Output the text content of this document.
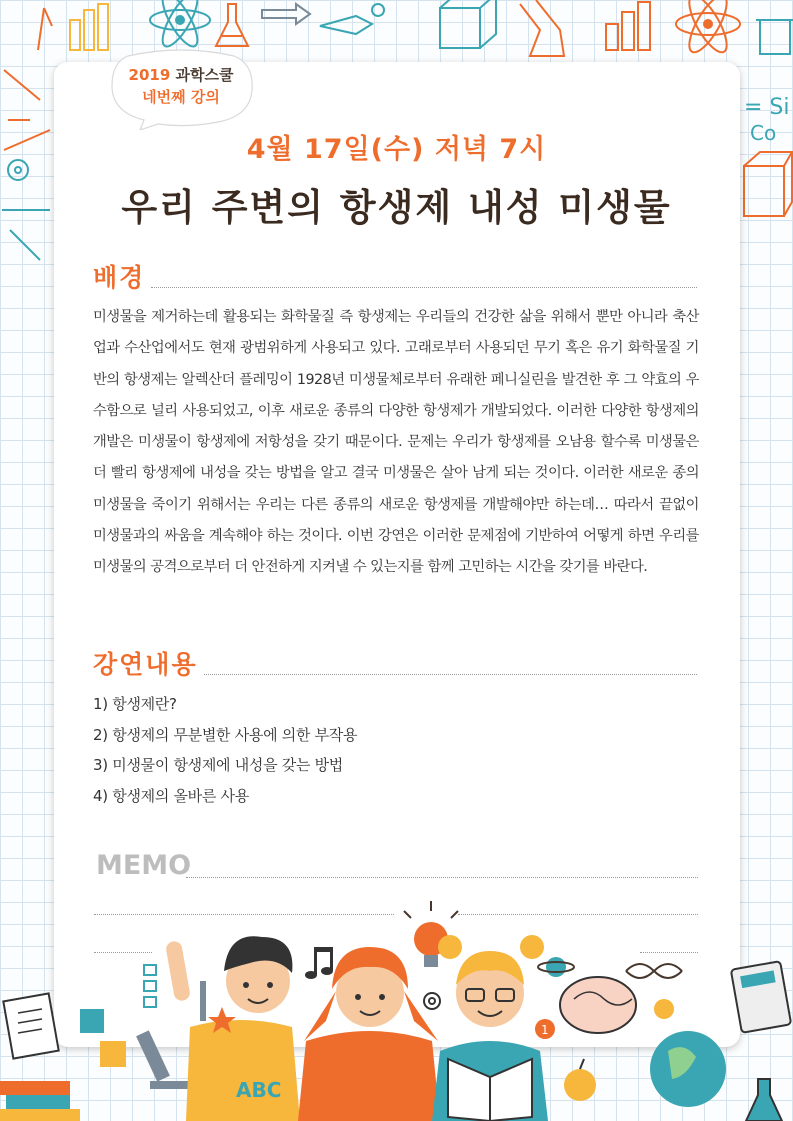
= Si
Co
2019 과학스쿨
네번째 강의
4월 17일(수) 저녁 7시
우리 주변의 항생제 내성 미생물
배경
미생물을 제거하는데 활용되는 화학물질 즉 항생제는 우리들의 건강한 삶을 위해서 뿐만 아니라 축산업과 수산업에서도 현재 광범위하게 사용되고 있다. 고래로부터 사용되던 무기 혹은 유기 화학물질 기반의 항생제는 알렉산더 플레밍이 1928년 미생물체로부터 유래한 페니실린을 발견한 후 그 약효의 우수함으로 널리 사용되었고, 이후 새로운 종류의 다양한 항생제가 개발되었다. 이러한 다양한 항생제의 개발은 미생물이 항생제에 저항성을 갖기 때문이다. 문제는 우리가 항생제를 오남용 할수록 미생물은 더 빨리 항생제에 내성을 갖는 방법을 알고 결국 미생물은 살아 남게 되는 것이다. 이러한 새로운 종의 미생물을 죽이기 위해서는 우리는 다른 종류의 새로운 항생제를 개발해야만 하는데… 따라서 끝없이 미생물과의 싸움을 계속해야 하는 것이다. 이번 강연은 이러한 문제점에 기반하여 어떻게 하면 우리를 미생물의 공격으로부터 더 안전하게 지켜낼 수 있는지를 함께 고민하는 시간을 갖기를 바란다.
강연내용
1) 항생제란?
2) 항생제의 무분별한 사용에 의한 부작용
3) 미생물이 항생제에 내성을 갖는 방법
4) 항생제의 올바른 사용
MEMO
ABC
1
